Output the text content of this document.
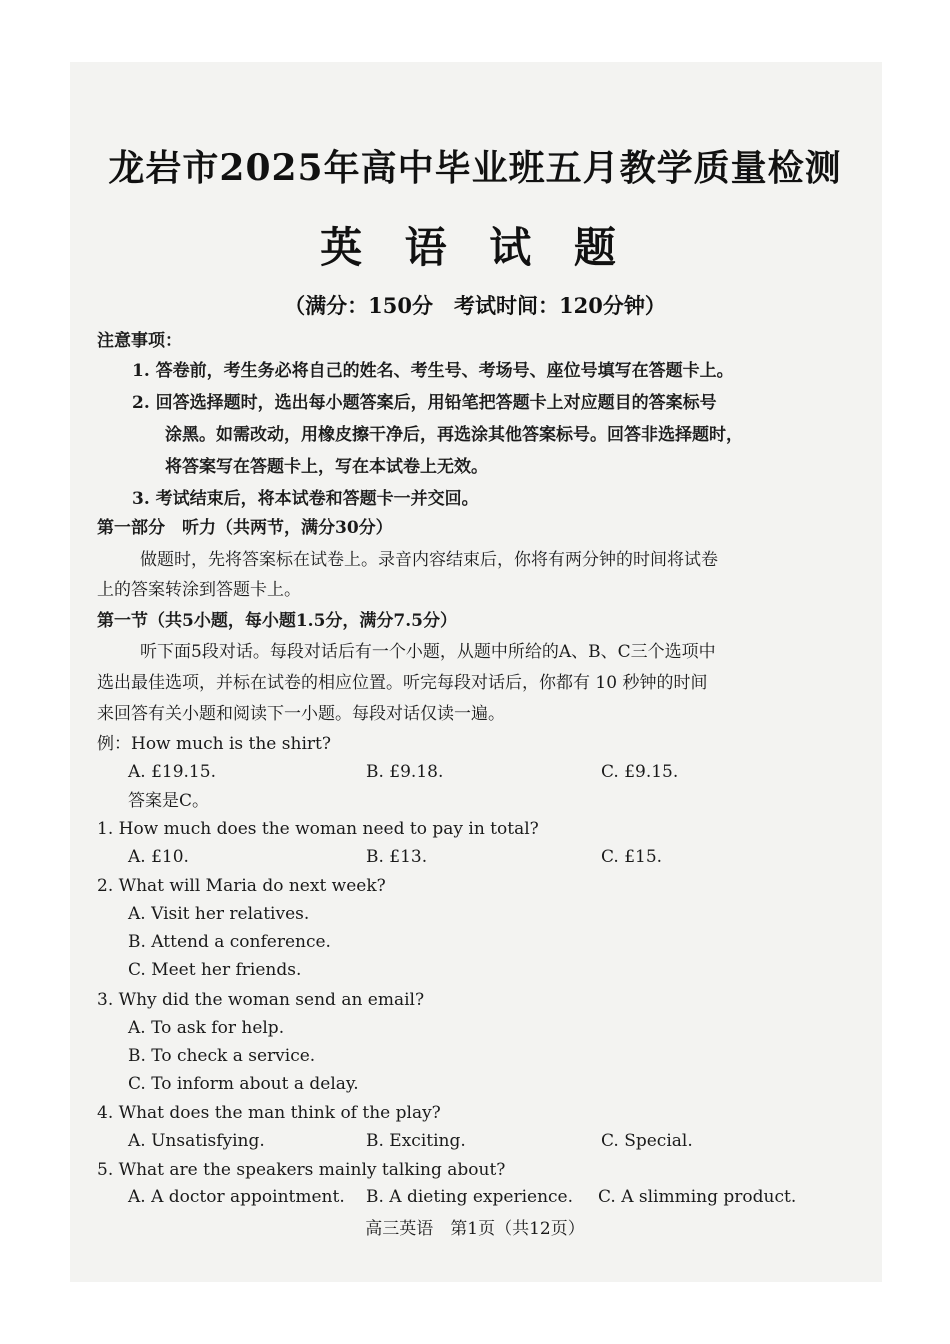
龙岩市2025年高中毕业班五月教学质量检测
英 语 试 题
（满分：150分　考试时间：120分钟）
注意事项：
1. 答卷前，考生务必将自己的姓名、考生号、考场号、座位号填写在答题卡上。
2. 回答选择题时，选出每小题答案后，用铅笔把答题卡上对应题目的答案标号
涂黑。如需改动，用橡皮擦干净后，再选涂其他答案标号。回答非选择题时，
将答案写在答题卡上，写在本试卷上无效。
3. 考试结束后，将本试卷和答题卡一并交回。
第一部分　听力（共两节，满分30分）
做题时，先将答案标在试卷上。录音内容结束后，你将有两分钟的时间将试卷
上的答案转涂到答题卡上。
第一节（共5小题，每小题1.5分，满分7.5分）
听下面5段对话。每段对话后有一个小题，从题中所给的A、B、C三个选项中
选出最佳选项，并标在试卷的相应位置。听完每段对话后，你都有 10 秒钟的时间
来回答有关小题和阅读下一小题。每段对话仅读一遍。
例：How much is the shirt?
A. £19.15.	B. £9.18.	C. £9.15.
答案是C。
1. How much does the woman need to pay in total?
A. £10.	B. £13.	C. £15.
2. What will Maria do next week?
A. Visit her relatives.
B. Attend a conference.
C. Meet her friends.
3. Why did the woman send an email?
A. To ask for help.
B. To check a service.
C. To inform about a delay.
4. What does the man think of the play?
A. Unsatisfying.	B. Exciting.	C. Special.
5. What are the speakers mainly talking about?
A. A doctor appointment. B. A dieting experience. C. A slimming product.
高三英语　第1页（共12页）
